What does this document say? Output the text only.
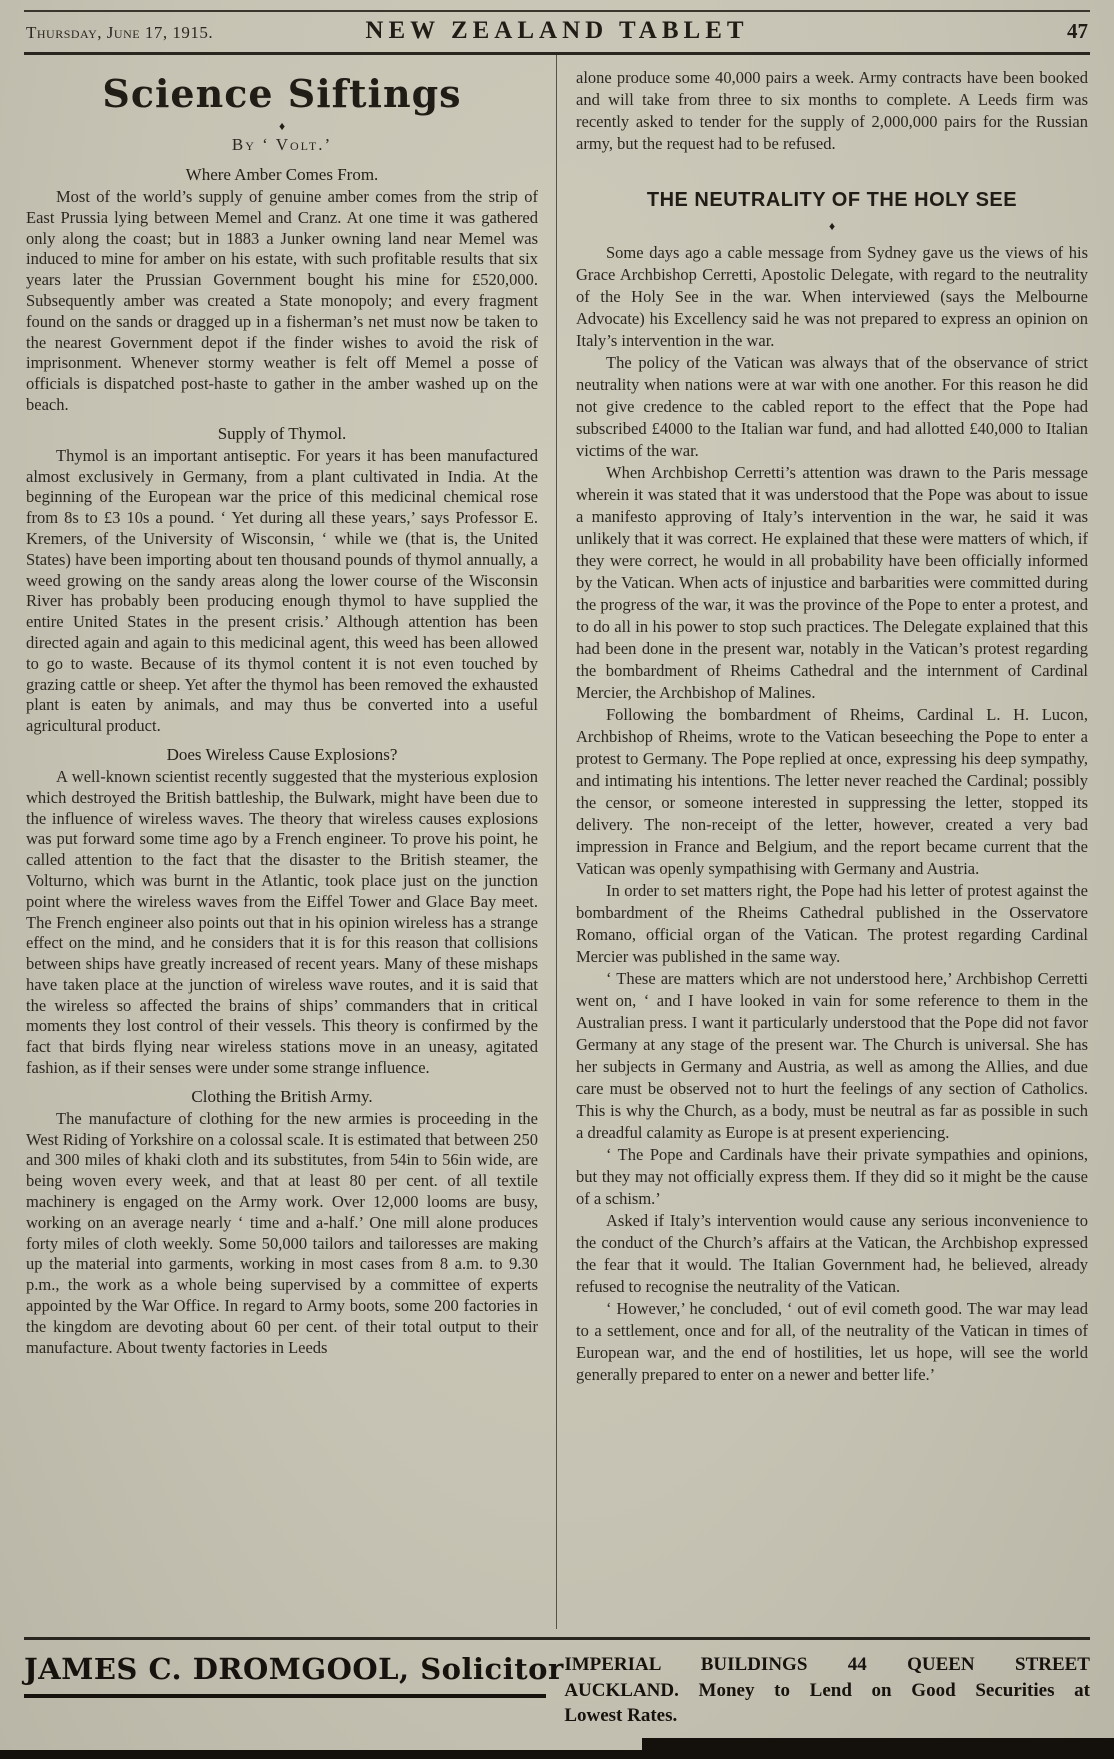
Thursday, June 17, 1915.	NEW ZEALAND TABLET	47
Science Siftings
♦
By ‘ Volt.’
Where Amber Comes From.

Most of the world’s supply of genuine amber comes from the strip of East Prussia lying between Memel and Cranz. At one time it was gathered only along the coast; but in 1883 a Junker owning land near Memel was induced to mine for amber on his estate, with such profitable results that six years later the Prussian Government bought his mine for £520,000. Subsequently amber was created a State monopoly; and every fragment found on the sands or dragged up in a fisherman’s net must now be taken to the nearest Government depot if the finder wishes to avoid the risk of imprisonment. Whenever stormy weather is felt off Memel a posse of officials is dispatched post-haste to gather in the amber washed up on the beach.

Supply of Thymol.

Thymol is an important antiseptic. For years it has been manufactured almost exclusively in Germany, from a plant cultivated in India. At the beginning of the European war the price of this medicinal chemical rose from 8s to £3 10s a pound. ‘ Yet during all these years,’ says Professor E. Kremers, of the University of Wisconsin, ‘ while we (that is, the United States) have been importing about ten thousand pounds of thymol annually, a weed growing on the sandy areas along the lower course of the Wisconsin River has probably been producing enough thymol to have supplied the entire United States in the present crisis.’ Although attention has been directed again and again to this medicinal agent, this weed has been allowed to go to waste. Because of its thymol content it is not even touched by grazing cattle or sheep. Yet after the thymol has been removed the exhausted plant is eaten by animals, and may thus be converted into a useful agricultural product.

Does Wireless Cause Explosions?

A well-known scientist recently suggested that the mysterious explosion which destroyed the British battleship, the Bulwark, might have been due to the influence of wireless waves. The theory that wireless causes explosions was put forward some time ago by a French engineer. To prove his point, he called attention to the fact that the disaster to the British steamer, the Volturno, which was burnt in the Atlantic, took place just on the junction point where the wireless waves from the Eiffel Tower and Glace Bay meet. The French engineer also points out that in his opinion wireless has a strange effect on the mind, and he considers that it is for this reason that collisions between ships have greatly increased of recent years. Many of these mishaps have taken place at the junction of wireless wave routes, and it is said that the wireless so affected the brains of ships’ commanders that in critical moments they lost control of their vessels. This theory is confirmed by the fact that birds flying near wireless stations move in an uneasy, agitated fashion, as if their senses were under some strange influence.

Clothing the British Army.

The manufacture of clothing for the new armies is proceeding in the West Riding of Yorkshire on a colossal scale. It is estimated that between 250 and 300 miles of khaki cloth and its substitutes, from 54in to 56in wide, are being woven every week, and that at least 80 per cent. of all textile machinery is engaged on the Army work. Over 12,000 looms are busy, working on an average nearly ‘ time and a-half.’ One mill alone produces forty miles of cloth weekly. Some 50,000 tailors and tailoresses are making up the material into garments, working in most cases from 8 a.m. to 9.30 p.m., the work as a whole being supervised by a committee of experts appointed by the War Office. In regard to Army boots, some 200 factories in the kingdom are devoting about 60 per cent. of their total output to their manufacture. About twenty factories in Leeds

alone produce some 40,000 pairs a week. Army contracts have been booked and will take from three to six months to complete. A Leeds firm was recently asked to tender for the supply of 2,000,000 pairs for the Russian army, but the request had to be refused.

THE NEUTRALITY OF THE HOLY SEE
♦

Some days ago a cable message from Sydney gave us the views of his Grace Archbishop Cerretti, Apostolic Delegate, with regard to the neutrality of the Holy See in the war. When interviewed (says the Melbourne Advocate) his Excellency said he was not prepared to express an opinion on Italy’s intervention in the war.

The policy of the Vatican was always that of the observance of strict neutrality when nations were at war with one another. For this reason he did not give credence to the cabled report to the effect that the Pope had subscribed £4000 to the Italian war fund, and had allotted £40,000 to Italian victims of the war.

When Archbishop Cerretti’s attention was drawn to the Paris message wherein it was stated that it was understood that the Pope was about to issue a manifesto approving of Italy’s intervention in the war, he said it was unlikely that it was correct. He explained that these were matters of which, if they were correct, he would in all probability have been officially informed by the Vatican. When acts of injustice and barbarities were committed during the progress of the war, it was the province of the Pope to enter a protest, and to do all in his power to stop such practices. The Delegate explained that this had been done in the present war, notably in the Vatican’s protest regarding the bombardment of Rheims Cathedral and the internment of Cardinal Mercier, the Archbishop of Malines.

Following the bombardment of Rheims, Cardinal L. H. Lucon, Archbishop of Rheims, wrote to the Vatican beseeching the Pope to enter a protest to Germany. The Pope replied at once, expressing his deep sympathy, and intimating his intentions. The letter never reached the Cardinal; possibly the censor, or someone interested in suppressing the letter, stopped its delivery. The non-receipt of the letter, however, created a very bad impression in France and Belgium, and the report became current that the Vatican was openly sympathising with Germany and Austria.

In order to set matters right, the Pope had his letter of protest against the bombardment of the Rheims Cathedral published in the Osservatore Romano, official organ of the Vatican. The protest regarding Cardinal Mercier was published in the same way.

‘ These are matters which are not understood here,’ Archbishop Cerretti went on, ‘ and I have looked in vain for some reference to them in the Australian press. I want it particularly understood that the Pope did not favor Germany at any stage of the present war. The Church is universal. She has her subjects in Germany and Austria, as well as among the Allies, and due care must be observed not to hurt the feelings of any section of Catholics. This is why the Church, as a body, must be neutral as far as possible in such a dreadful calamity as Europe is at present experiencing.

‘ The Pope and Cardinals have their private sympathies and opinions, but they may not officially express them. If they did so it might be the cause of a schism.’

Asked if Italy’s intervention would cause any serious inconvenience to the conduct of the Church’s affairs at the Vatican, the Archbishop expressed the fear that it would. The Italian Government had, he believed, already refused to recognise the neutrality of the Vatican.

‘ However,’ he concluded, ‘ out of evil cometh good. The war may lead to a settlement, once and for all, of the neutrality of the Vatican in times of European war, and the end of hostilities, let us hope, will see the world generally prepared to enter on a newer and better life.’

JAMES C. DROMGOOL, Solicitor IMPERIAL BUILDINGS 44 QUEEN STREET
AUCKLAND. Money to Lend on Good Securities at
Lowest Rates.
